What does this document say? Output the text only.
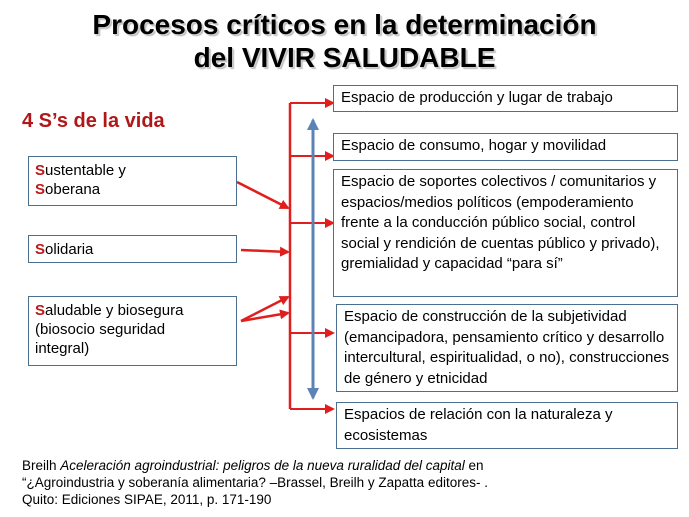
Procesos críticos en la determinación
del VIVIR SALUDABLE
4 S’s de la vida
Sustentable y
Soberana
Solidaria
Saludable y biosegura (biosocio seguridad integral)
Espacio de producción y lugar de trabajo
Espacio de consumo, hogar y movilidad
Espacio de soportes colectivos / comunitarios y espacios/medios políticos (empoderamiento frente a la conducción público social, control social y rendición de cuentas público y privado), gremialidad y capacidad “para sí”
Espacio de construcción de la subjetividad (emancipadora, pensamiento crítico y desarrollo intercultural, espiritualidad, o no), construcciones de género y etnicidad
Espacios de relación con la naturaleza y ecosistemas
Breilh Aceleración agroindustrial: peligros de la nueva ruralidad del capital en
“¿Agroindustria y soberanía alimentaria? –Brassel, Breilh y Zapatta editores- .
Quito: Ediciones SIPAE, 2011, p. 171-190
